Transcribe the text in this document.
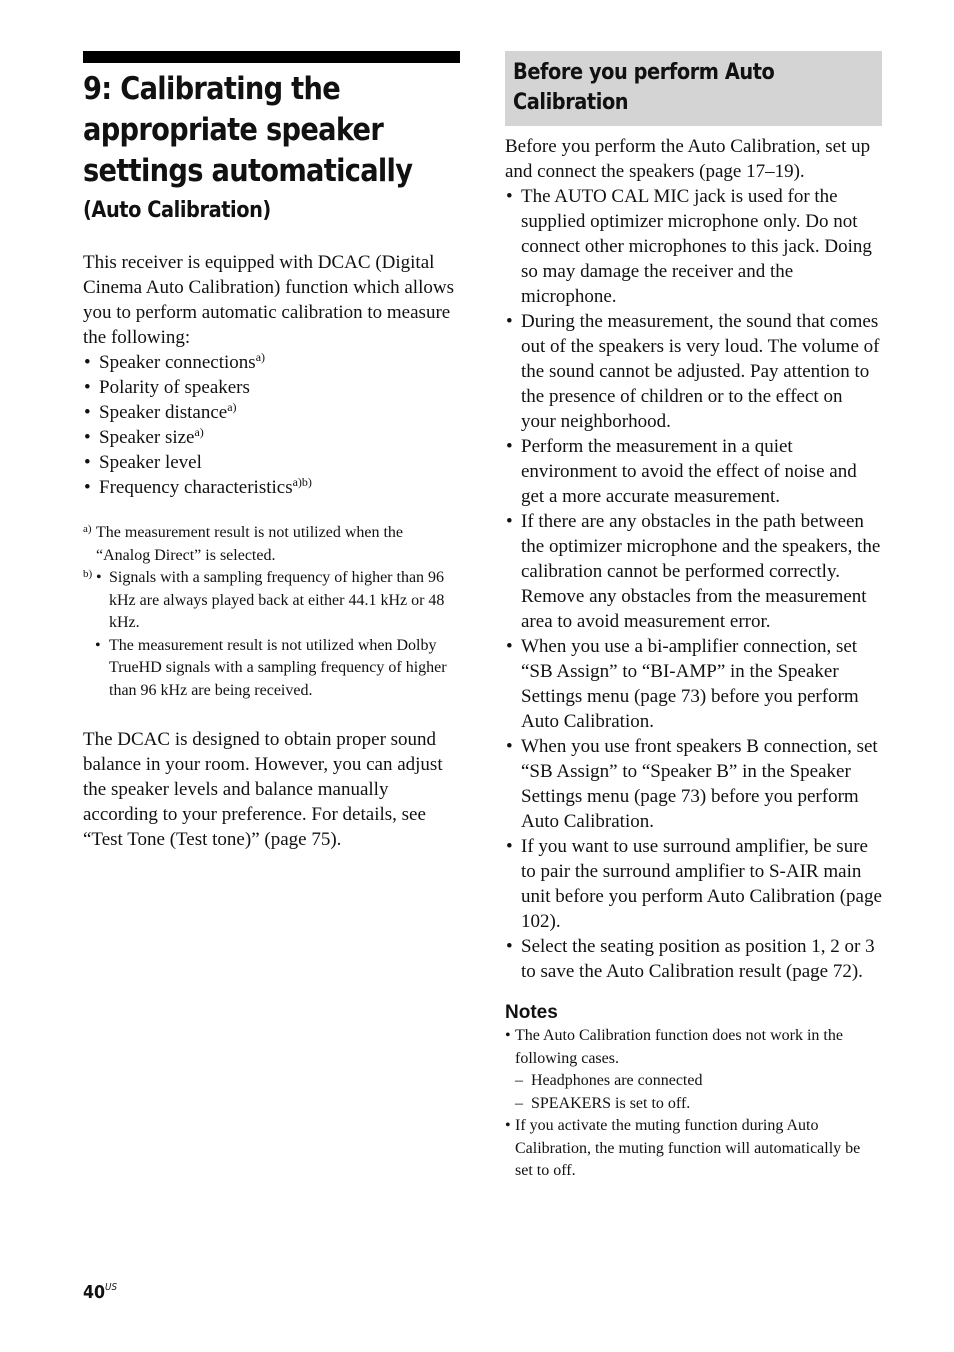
9: Calibrating the appropriate speaker settings automatically
(Auto Calibration)

This receiver is equipped with DCAC (Digital Cinema Auto Calibration) function which allows you to perform automatic calibration to measure the following:

• Speaker connections$^{a)}$
• Polarity of speakers
• Speaker distance$^{a)}$
• Speaker size$^{a)}$
• Speaker level
• Frequency characteristics$^{a)b)}$
a) The measurement result is not utilized when the “Analog Direct” is selected.
b) • Signals with a sampling frequency of higher than 96 kHz are always played back at either 44.1 kHz or 48 kHz.
• The measurement result is not utilized when Dolby TrueHD signals with a sampling frequency of higher than 96 kHz are being received.

The DCAC is designed to obtain proper sound balance in your room. However, you can adjust the speaker levels and balance manually according to your preference. For details, see “Test Tone (Test tone)” (page 75).

Before you perform Auto Calibration

Before you perform the Auto Calibration, set up and connect the speakers (page 17–19).

• The AUTO CAL MIC jack is used for the supplied optimizer microphone only. Do not connect other microphones to this jack. Doing so may damage the receiver and the microphone.
• During the measurement, the sound that comes out of the speakers is very loud. The volume of the sound cannot be adjusted. Pay attention to the presence of children or to the effect on your neighborhood.
• Perform the measurement in a quiet environment to avoid the effect of noise and get a more accurate measurement.
• If there are any obstacles in the path between the optimizer microphone and the speakers, the calibration cannot be performed correctly. Remove any obstacles from the measurement area to avoid measurement error.
• When you use a bi-amplifier connection, set “SB Assign” to “BI-AMP” in the Speaker Settings menu (page 73) before you perform Auto Calibration.
• When you use front speakers B connection, set “SB Assign” to “Speaker B” in the Speaker Settings menu (page 73) before you perform Auto Calibration.
• If you want to use surround amplifier, be sure to pair the surround amplifier to S-AIR main unit before you perform Auto Calibration (page 102).
• Select the seating position as position 1, 2 or 3 to save the Auto Calibration result (page 72).
Notes
• The Auto Calibration function does not work in the following cases.
– Headphones are connected
– SPEAKERS is set to off.
• If you activate the muting function during Auto Calibration, the muting function will automatically be set to off.
$40^{US}$
